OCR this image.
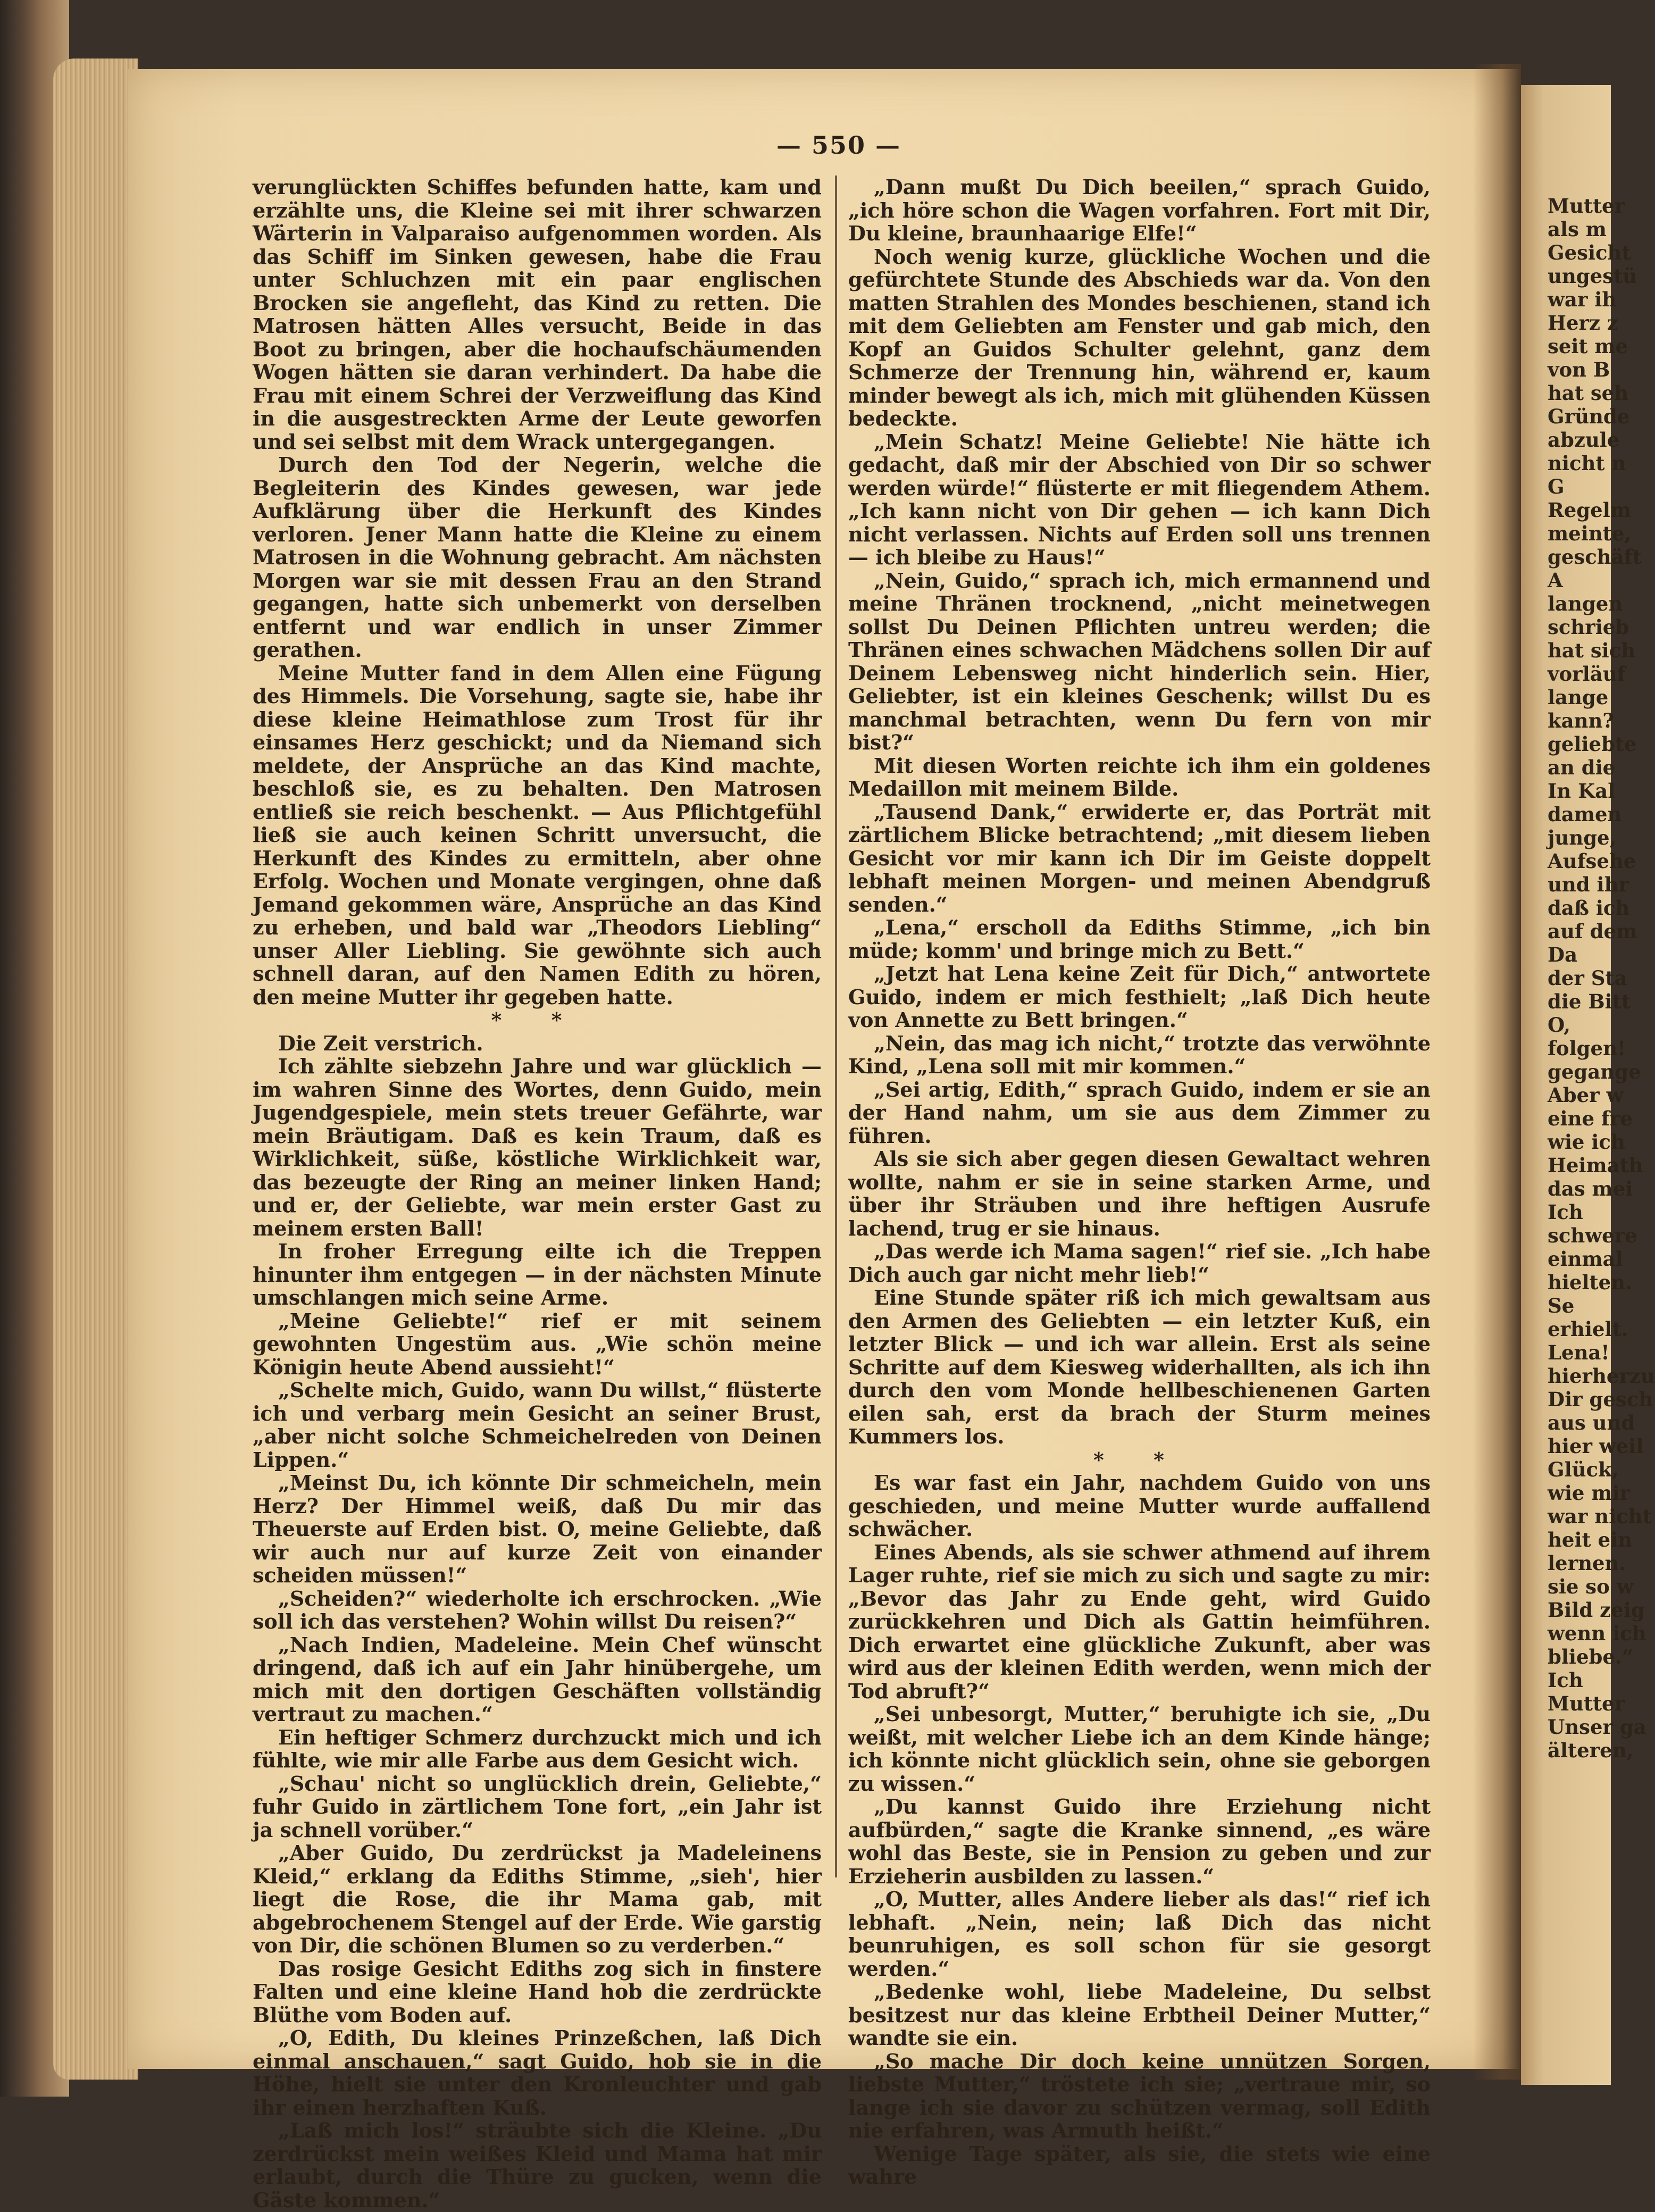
— 550 —

verunglückten Schiffes befunden hatte, kam und erzählte uns, die Kleine sei mit ihrer schwarzen Wärterin in Valparaiso aufgenommen worden. Als das Schiff im Sinken gewesen, habe die Frau unter Schluchzen mit ein paar englischen Brocken sie angefleht, das Kind zu retten. Die Matrosen hätten Alles versucht, Beide in das Boot zu bringen, aber die hochaufschäumenden Wogen hätten sie daran verhindert. Da habe die Frau mit einem Schrei der Verzweiflung das Kind in die ausgestreckten Arme der Leute geworfen und sei selbst mit dem Wrack untergegangen.

Durch den Tod der Negerin, welche die Begleiterin des Kindes gewesen, war jede Aufklärung über die Herkunft des Kindes verloren. Jener Mann hatte die Kleine zu einem Matrosen in die Wohnung gebracht. Am nächsten Morgen war sie mit dessen Frau an den Strand gegangen, hatte sich unbemerkt von derselben entfernt und war endlich in unser Zimmer gerathen.

Meine Mutter fand in dem Allen eine Fügung des Himmels. Die Vorsehung, sagte sie, habe ihr diese kleine Heimathlose zum Trost für ihr einsames Herz geschickt; und da Niemand sich meldete, der Ansprüche an das Kind machte, beschloß sie, es zu behalten. Den Matrosen entließ sie reich beschenkt. — Aus Pflichtgefühl ließ sie auch keinen Schritt unversucht, die Herkunft des Kindes zu ermitteln, aber ohne Erfolg. Wochen und Monate vergingen, ohne daß Jemand gekommen wäre, Ansprüche an das Kind zu erheben, und bald war „Theodors Liebling“ unser Aller Liebling. Sie gewöhnte sich auch schnell daran, auf den Namen Edith zu hören, den meine Mutter ihr gegeben hatte.

* *

Die Zeit verstrich.

Ich zählte siebzehn Jahre und war glücklich — im wahren Sinne des Wortes, denn Guido, mein Jugendgespiele, mein stets treuer Gefährte, war mein Bräutigam. Daß es kein Traum, daß es Wirklichkeit, süße, köstliche Wirklichkeit war, das bezeugte der Ring an meiner linken Hand; und er, der Geliebte, war mein erster Gast zu meinem ersten Ball!

In froher Erregung eilte ich die Treppen hinunter ihm entgegen — in der nächsten Minute umschlangen mich seine Arme.

„Meine Geliebte!“ rief er mit seinem gewohnten Ungestüm aus. „Wie schön meine Königin heute Abend aussieht!“

„Schelte mich, Guido, wann Du willst,“ flüsterte ich und verbarg mein Gesicht an seiner Brust, „aber nicht solche Schmeichelreden von Deinen Lippen.“

„Meinst Du, ich könnte Dir schmeicheln, mein Herz? Der Himmel weiß, daß Du mir das Theuerste auf Erden bist. O, meine Geliebte, daß wir auch nur auf kurze Zeit von einander scheiden müssen!“

„Scheiden?“ wiederholte ich erschrocken. „Wie soll ich das verstehen? Wohin willst Du reisen?“

„Nach Indien, Madeleine. Mein Chef wünscht dringend, daß ich auf ein Jahr hinübergehe, um mich mit den dortigen Geschäften vollständig vertraut zu machen.“

Ein heftiger Schmerz durchzuckt mich und ich fühlte, wie mir alle Farbe aus dem Gesicht wich.

„Schau' nicht so unglücklich drein, Geliebte,“ fuhr Guido in zärtlichem Tone fort, „ein Jahr ist ja schnell vorüber.“

„Aber Guido, Du zerdrückst ja Madeleinens Kleid,“ erklang da Ediths Stimme, „sieh', hier liegt die Rose, die ihr Mama gab, mit abgebrochenem Stengel auf der Erde. Wie garstig von Dir, die schönen Blumen so zu verderben.“

Das rosige Gesicht Ediths zog sich in finstere Falten und eine kleine Hand hob die zerdrückte Blüthe vom Boden auf.

„O, Edith, Du kleines Prinzeßchen, laß Dich einmal anschauen,“ sagt Guido, hob sie in die Höhe, hielt sie unter den Kronleuchter und gab ihr einen herzhaften Kuß.

„Laß mich los!“ sträubte sich die Kleine. „Du zerdrückst mein weißes Kleid und Mama hat mir erlaubt, durch die Thüre zu gucken, wenn die Gäste kommen.“

„Dann mußt Du Dich beeilen,“ sprach Guido, „ich höre schon die Wagen vorfahren. Fort mit Dir, Du kleine, braunhaarige Elfe!“

Noch wenig kurze, glückliche Wochen und die gefürchtete Stunde des Abschieds war da. Von den matten Strahlen des Mondes beschienen, stand ich mit dem Geliebten am Fenster und gab mich, den Kopf an Guidos Schulter gelehnt, ganz dem Schmerze der Trennung hin, während er, kaum minder bewegt als ich, mich mit glühenden Küssen bedeckte.

„Mein Schatz! Meine Geliebte! Nie hätte ich gedacht, daß mir der Abschied von Dir so schwer werden würde!“ flüsterte er mit fliegendem Athem. „Ich kann nicht von Dir gehen — ich kann Dich nicht verlassen. Nichts auf Erden soll uns trennen — ich bleibe zu Haus!“

„Nein, Guido,“ sprach ich, mich ermannend und meine Thränen trocknend, „nicht meinetwegen sollst Du Deinen Pflichten untreu werden; die Thränen eines schwachen Mädchens sollen Dir auf Deinem Lebensweg nicht hinderlich sein. Hier, Geliebter, ist ein kleines Geschenk; willst Du es manchmal betrachten, wenn Du fern von mir bist?“

Mit diesen Worten reichte ich ihm ein goldenes Medaillon mit meinem Bilde.

„Tausend Dank,“ erwiderte er, das Porträt mit zärtlichem Blicke betrachtend; „mit diesem lieben Gesicht vor mir kann ich Dir im Geiste doppelt lebhaft meinen Morgen- und meinen Abendgruß senden.“

„Lena,“ erscholl da Ediths Stimme, „ich bin müde; komm' und bringe mich zu Bett.“

„Jetzt hat Lena keine Zeit für Dich,“ antwortete Guido, indem er mich festhielt; „laß Dich heute von Annette zu Bett bringen.“

„Nein, das mag ich nicht,“ trotzte das verwöhnte Kind, „Lena soll mit mir kommen.“

„Sei artig, Edith,“ sprach Guido, indem er sie an der Hand nahm, um sie aus dem Zimmer zu führen.

Als sie sich aber gegen diesen Gewaltact wehren wollte, nahm er sie in seine starken Arme, und über ihr Sträuben und ihre heftigen Ausrufe lachend, trug er sie hinaus.

„Das werde ich Mama sagen!“ rief sie. „Ich habe Dich auch gar nicht mehr lieb!“

Eine Stunde später riß ich mich gewaltsam aus den Armen des Geliebten — ein letzter Kuß, ein letzter Blick — und ich war allein. Erst als seine Schritte auf dem Kiesweg widerhallten, als ich ihn durch den vom Monde hellbeschienenen Garten eilen sah, erst da brach der Sturm meines Kummers los.

* *

Es war fast ein Jahr, nachdem Guido von uns geschieden, und meine Mutter wurde auffallend schwächer.

Eines Abends, als sie schwer athmend auf ihrem Lager ruhte, rief sie mich zu sich und sagte zu mir: „Bevor das Jahr zu Ende geht, wird Guido zurückkehren und Dich als Gattin heimführen. Dich erwartet eine glückliche Zukunft, aber was wird aus der kleinen Edith werden, wenn mich der Tod abruft?“

„Sei unbesorgt, Mutter,“ beruhigte ich sie, „Du weißt, mit welcher Liebe ich an dem Kinde hänge; ich könnte nicht glücklich sein, ohne sie geborgen zu wissen.“

„Du kannst Guido ihre Erziehung nicht aufbürden,“ sagte die Kranke sinnend, „es wäre wohl das Beste, sie in Pension zu geben und zur Erzieherin ausbilden zu lassen.“

„O, Mutter, alles Andere lieber als das!“ rief ich lebhaft. „Nein, nein; laß Dich das nicht beunruhigen, es soll schon für sie gesorgt werden.“

„Bedenke wohl, liebe Madeleine, Du selbst besitzest nur das kleine Erbtheil Deiner Mutter,“ wandte sie ein.

„So mache Dir doch keine unnützen Sorgen, liebste Mutter,“ tröstete ich sie; „vertraue mir, so lange ich sie davor zu schützen vermag, soll Edith nie erfahren, was Armuth heißt.“

Wenige Tage später, als sie, die stets wie eine wahre

Mutter
als m
Gesicht
ungestü
war ih
Herz z
seit me
von B
hat seh
Gründe
abzule
nicht n
G
Regelm
meinte,
geschäft
A
langen
schrieb
hat sich
vorläuf
lange
kann?
geliebte
an die
In Kal
damen
junge,
Aufsehe
und ihr
daß ich
auf dem
Da
der Sta
die Bitt
O,
folgen!
gegange
Aber w
eine fre
wie ich
Heimath
das mei
Ich
schwere
einmal
hielten.
Se
erhielt.
Lena!
hierherzu
Dir gesch
aus und
hier weil
Glück,
wie mir
war nicht
heit ein
lernen.
sie so w
Bild zeig
wenn ich
bliebe.“
Ich
Mutter
Unser ga
älteren,
